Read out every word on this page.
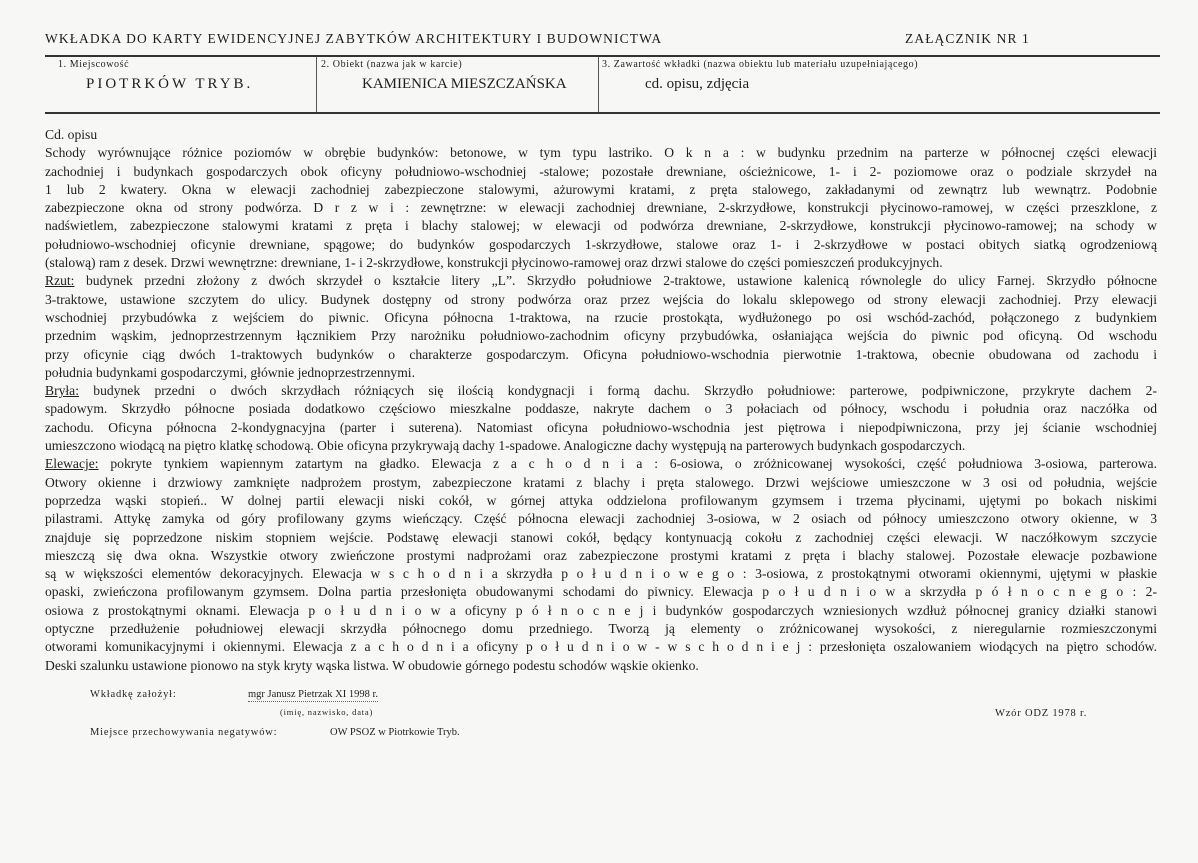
WKŁADKA DO KARTY EWIDENCYJNEJ ZABYTKÓW ARCHITEKTURY I BUDOWNICTWA	ZAŁĄCZNIK NR 1
1. Miejscowość
PIOTRKÓW TRYB.
2. Obiekt (nazwa jak w karcie)
KAMIENICA MIESZCZAŃSKA
3. Zawartość wkładki (nazwa obiektu lub materiału uzupełniającego)
cd. opisu, zdjęcia
Cd. opisu
Schody wyrównujące różnice poziomów w obrębie budynków: betonowe, w tym typu lastriko. O k n a : w budynku przednim na parterze w północnej części elewacji
zachodniej i budynkach gospodarczych obok oficyny południowo-wschodniej -stalowe; pozostałe drewniane, ościeżnicowe, 1- i 2- poziomowe oraz o podziale skrzydeł na
1 lub 2 kwatery. Okna w elewacji zachodniej zabezpieczone stalowymi, ażurowymi kratami, z pręta stalowego, zakładanymi od zewnątrz lub wewnątrz. Podobnie
zabezpieczone okna od strony podwórza. D r z w i : zewnętrzne: w elewacji zachodniej drewniane, 2-skrzydłowe, konstrukcji płycinowo-ramowej, w części przeszklone, z
nadświetlem, zabezpieczone stalowymi kratami z pręta i blachy stalowej; w elewacji od podwórza drewniane, 2-skrzydłowe, konstrukcji płycinowo-ramowej; na schody w
południowo-wschodniej oficynie drewniane, spągowe; do budynków gospodarczych 1-skrzydłowe, stalowe oraz 1- i 2-skrzydłowe w postaci obitych siatką ogrodzeniową
(stalową) ram z desek. Drzwi wewnętrzne: drewniane, 1- i 2-skrzydłowe, konstrukcji płycinowo-ramowej oraz drzwi stalowe do części pomieszczeń produkcyjnych.
Rzut: budynek przedni złożony z dwóch skrzydeł o kształcie litery „L”. Skrzydło południowe 2-traktowe, ustawione kalenicą równolegle do ulicy Farnej. Skrzydło północne
3-traktowe, ustawione szczytem do ulicy. Budynek dostępny od strony podwórza oraz przez wejścia do lokalu sklepowego od strony elewacji zachodniej. Przy elewacji
wschodniej przybudówka z wejściem do piwnic. Oficyna północna 1-traktowa, na rzucie prostokąta, wydłużonego po osi wschód-zachód, połączonego z budynkiem
przednim wąskim, jednoprzestrzennym łącznikiem Przy narożniku południowo-zachodnim oficyny przybudówka, osłaniająca wejścia do piwnic pod oficyną. Od wschodu
przy oficynie ciąg dwóch 1-traktowych budynków o charakterze gospodarczym. Oficyna południowo-wschodnia pierwotnie 1-traktowa, obecnie obudowana od zachodu i
południa budynkami gospodarczymi, głównie jednoprzestrzennymi.
Bryła: budynek przedni o dwóch skrzydłach różniących się ilością kondygnacji i formą dachu. Skrzydło południowe: parterowe, podpiwniczone, przykryte dachem 2-
spadowym. Skrzydło północne posiada dodatkowo częściowo mieszkalne poddasze, nakryte dachem o 3 połaciach od północy, wschodu i południa oraz naczółka od
zachodu. Oficyna północna 2-kondygnacyjna (parter i suterena). Natomiast oficyna południowo-wschodnia jest piętrowa i niepodpiwniczona, przy jej ścianie wschodniej
umieszczono wiodącą na piętro klatkę schodową. Obie oficyna przykrywają dachy 1-spadowe. Analogiczne dachy występują na parterowych budynkach gospodarczych.
Elewacje: pokryte tynkiem wapiennym zatartym na gładko. Elewacja z a c h o d n i a : 6-osiowa, o zróżnicowanej wysokości, część południowa 3-osiowa, parterowa.
Otwory okienne i drzwiowy zamknięte nadprożem prostym, zabezpieczone kratami z blachy i pręta stalowego. Drzwi wejściowe umieszczone w 3 osi od południa, wejście
poprzedza wąski stopień.. W dolnej partii elewacji niski cokół, w górnej attyka oddzielona profilowanym gzymsem i trzema płycinami, ujętymi po bokach niskimi
pilastrami. Attykę zamyka od góry profilowany gzyms wieńczący. Część północna elewacji zachodniej 3-osiowa, w 2 osiach od północy umieszczono otwory okienne, w 3
znajduje się poprzedzone niskim stopniem wejście. Podstawę elewacji stanowi cokół, będący kontynuacją cokołu z zachodniej części elewacji. W naczółkowym szczycie
mieszczą się dwa okna. Wszystkie otwory zwieńczone prostymi nadprożami oraz zabezpieczone prostymi kratami z pręta i blachy stalowej. Pozostałe elewacje pozbawione
są w większości elementów dekoracyjnych. Elewacja w s c h o d n i a skrzydła p o ł u d n i o w e g o : 3-osiowa, z prostokątnymi otworami okiennymi, ujętymi w płaskie
opaski, zwieńczona profilowanym gzymsem. Dolna partia przesłonięta obudowanymi schodami do piwnicy. Elewacja p o ł u d n i o w a skrzydła p ó ł n o c n e g o : 2-
osiowa z prostokątnymi oknami. Elewacja p o ł u d n i o w a oficyny p ó ł n o c n e j i budynków gospodarczych wzniesionych wzdłuż północnej granicy działki stanowi
optyczne przedłużenie południowej elewacji skrzydła północnego domu przedniego. Tworzą ją elementy o zróżnicowanej wysokości, z nieregularnie rozmieszczonymi
otworami komunikacyjnymi i okiennymi. Elewacja z a c h o d n i a oficyny p o ł u d n i o w - w s c h o d n i e j : przesłonięta oszalowaniem wiodących na piętro schodów.
Deski szalunku ustawione pionowo na styk kryty wąska listwa. W obudowie górnego podestu schodów wąskie okienko.
Wkładkę założył:	mgr Janusz Pietrzak XI 1998 r.
(imię, nazwisko, data)	Wzór ODZ 1978 r.
Miejsce przechowywania negatywów:	OW PSOZ w Piotrkowie Tryb.
